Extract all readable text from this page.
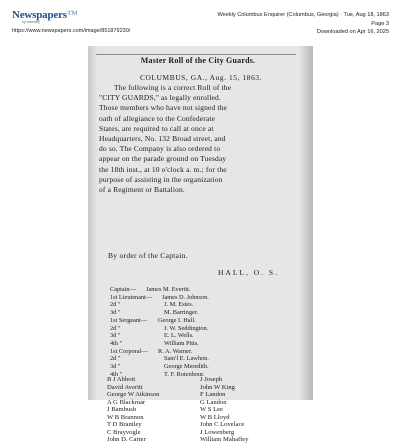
Newspapers™
by ancestry
https://www.newspapers.com/image/851879230/
Weekly Columbus Enquirer (Columbus, Georgia) · Tue, Aug 18, 1863
Page 3
Downloaded on Apr 16, 2025
Master Roll of the City Guards.
COLUMBUS, GA., Aug. 15, 1863.
The following is a correct Roll of the
"CITY GUARDS," as legally enrolled.
Those members who have not signed the
oath of allegiance to the Confederate
States, are required to call at once at
Headquarters, No. 132 Broad street, and
do so. The Company is also ordered to
appear on the parade ground on Tuesday
the 18th inst., at 10 o'clock a. m.; for the
purpose of assisting in the organization
of a Regiment or Battalion.
By order of the Captain.
HALL, O. S.
Captain— James M. Everitt.
1st Lieutenant— James D. Johnson.
2d "	J. M. Estes.
3d "	M. Barringer.
1st Sergeant— George I. Hall.
2d "	J. W. Seddington.
3d "	E. L. Wells.
4th "	William Pitts.
1st Corporal— R. A. Warner.
2d "	Sam'l E. Lawhon.
3d "	George Meredith.
4th "	T. F. Rotenbour.
B J Abbott
David Averitt
George W Atkinson
A G Blackmar
J Bambush
W B Brannon
T D Brantley
C Brayvogle
John D. Carter
J Joseph
John W King
F Landon
G Landon
W S Lee
W B Lloyd
John C Lovelace
J Lowenberg
William Mahaffey
